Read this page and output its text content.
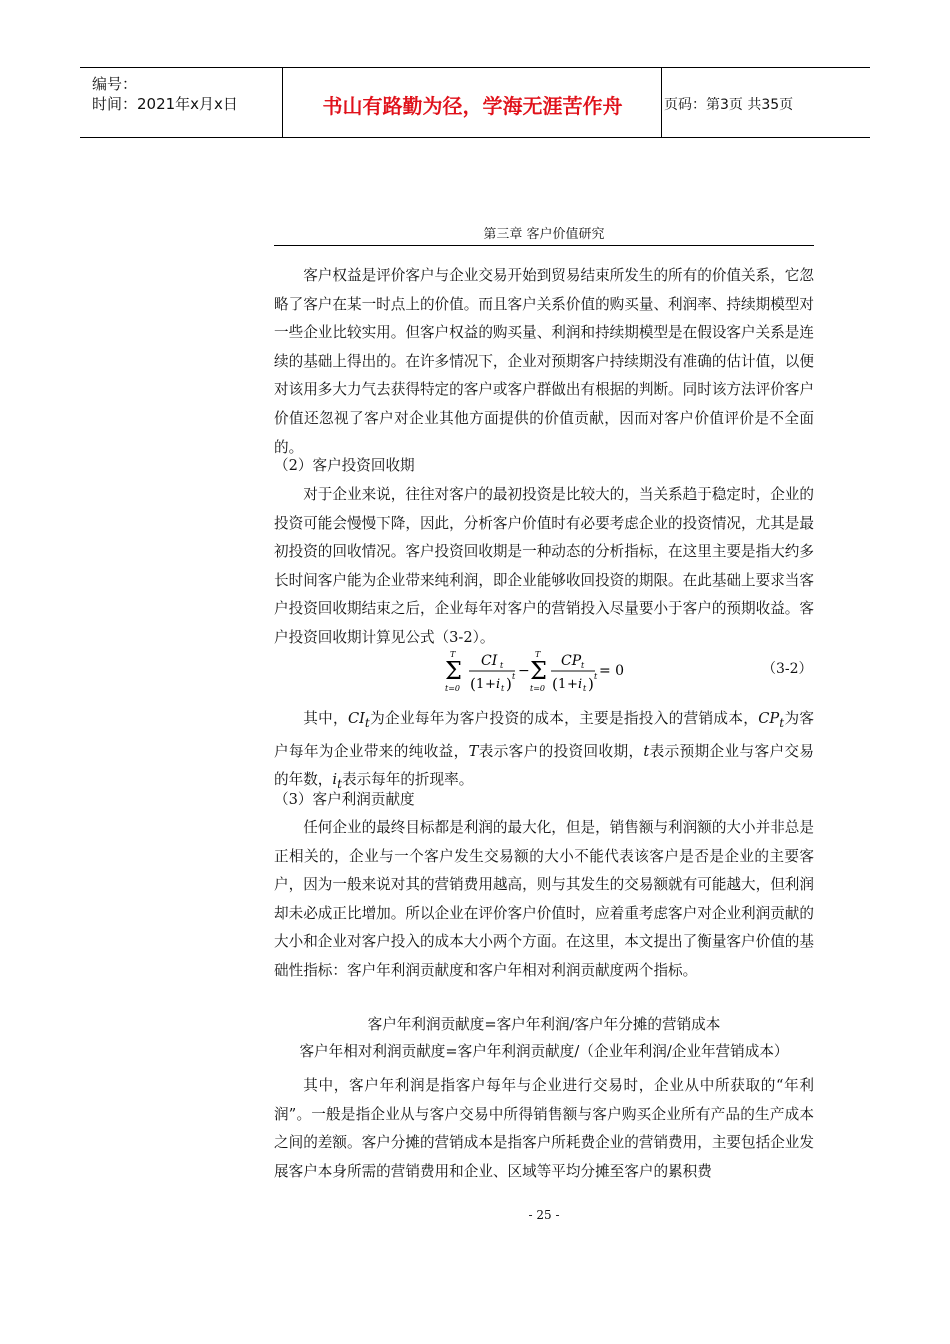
编号：
时间：2021年x月x日	书山有路勤为径，学海无涯苦作舟	页码：第3页 共35页
第三章 客户价值研究
客户权益是评价客户与企业交易开始到贸易结束所发生的所有的价值关系，它忽略了客户在某一时点上的价值。而且客户关系价值的购买量、利润率、持续期模型对一些企业比较实用。但客户权益的购买量、利润和持续期模型是在假设客户关系是连续的基础上得出的。在许多情况下，企业对预期客户持续期没有准确的估计值，以便对该用多大力气去获得特定的客户或客户群做出有根据的判断。同时该方法评价客户价值还忽视了客户对企业其他方面提供的价值贡献，因而对客户价值评价是不全面的。
（2）客户投资回收期
对于企业来说，往往对客户的最初投资是比较大的，当关系趋于稳定时，企业的投资可能会慢慢下降，因此，分析客户价值时有必要考虑企业的投资情况，尤其是最初投资的回收情况。客户投资回收期是一种动态的分析指标，在这里主要是指大约多长时间客户能为企业带来纯利润，即企业能够收回投资的期限。在此基础上要求当客户投资回收期结束之后，企业每年对客户的营销投入尽量要小于客户的预期收益。客户投资回收期计算见公式（3-2）。
T
Σ
t=0
CI t
( 1 + i t ) t −
T
Σ
t=0
CP t
( 1 + i t ) t = 0	（3-2）
其中，$CI_t$为企业每年为客户投资的成本，主要是指投入的营销成本，$CP_t$为客户每年为企业带来的纯收益，T表示客户的投资回收期，t表示预期企业与客户交易的年数，$i_t$表示每年的折现率。
（3）客户利润贡献度
任何企业的最终目标都是利润的最大化，但是，销售额与利润额的大小并非总是正相关的，企业与一个客户发生交易额的大小不能代表该客户是否是企业的主要客户，因为一般来说对其的营销费用越高，则与其发生的交易额就有可能越大，但利润却未必成正比增加。所以企业在评价客户价值时，应着重考虑客户对企业利润贡献的大小和企业对客户投入的成本大小两个方面。在这里，本文提出了衡量客户价值的基础性指标：客户年利润贡献度和客户年相对利润贡献度两个指标。
客户年利润贡献度=客户年利润/客户年分摊的营销成本
客户年相对利润贡献度=客户年利润贡献度/（企业年利润/企业年营销成本）
其中，客户年利润是指客户每年与企业进行交易时，企业从中所获取的“年利润”。一般是指企业从与客户交易中所得销售额与客户购买企业所有产品的生产成本之间的差额。客户分摊的营销成本是指客户所耗费企业的营销费用，主要包括企业发展客户本身所需的营销费用和企业、区域等平均分摊至客户的累积费
- 25 -
